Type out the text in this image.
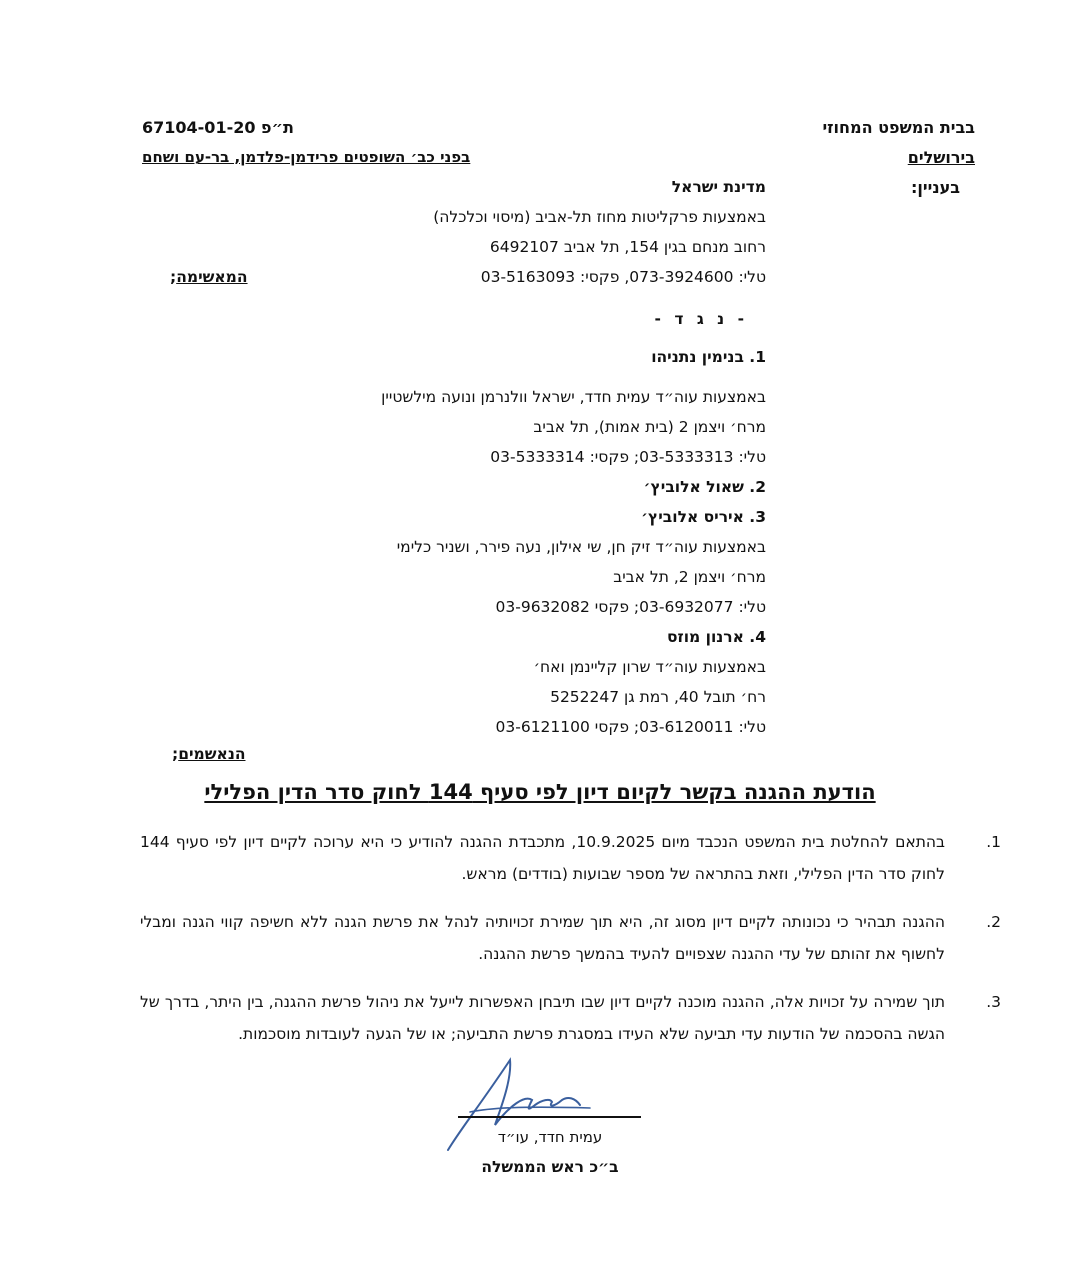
בבית המשפט המחוזי
בירושלים
בעניין:
ת״פ 67104-01-20
בפני כב׳ השופטים פרידמן-פלדמן, בר-עם ושחם
מדינת ישראל
באמצעות פרקליטות מחוז תל-אביב (מיסוי וכלכלה)
רחוב מנחם בגין 154, תל אביב 6492107
טלי: 073-3924600, פקסי: 03-5163093
המאשימה;
- נ ג ד -
1. בנימין נתניהו
באמצעות עוה״ד עמית חדד, ישראל וולנרמן ונועה מילשטיין
מרח׳ ויצמן 2 (בית אמות), תל אביב
טלי: 03-5333313; פקסי: 03-5333314
2. שאול אלוביץ׳
3. איריס אלוביץ׳
באמצעות עוה״ד זיק חן, שי אילון, נעה פירר, ושניר כלימי
מרח׳ ויצמן 2, תל אביב
טלי: 03-6932077; פקסי 03-9632082
4. ארנון מוזס
באמצעות עוה״ד שרון קליינמן ואח׳
רח׳ תובל 40, רמת גן 5252247
טלי: 03-6120011; פקסי 03-6121100
הנאשמים;
הודעת ההגנה בקשר לקיום דיון לפי סעיף 144 לחוק סדר הדין הפלילי
1.
בהתאם להחלטת בית המשפט הנכבד מיום 10.9.2025, מתכבדת ההגנה להודיע כי היא ערוכה לקיים דיון לפי סעיף 144 לחוק סדר הדין הפלילי, וזאת בהתראה של מספר שבועות (בודדים) מראש.
2.
ההגנה תבהיר כי נכונותה לקיים דיון מסוג זה, היא תוך שמירת זכויותיה לנהל את פרשת הגנה ללא חשיפה קווי הגנה ומבלי לחשוף את זהותם של עדי ההגנה שצפויים להעיד בהמשך פרשת ההגנה.
3.
תוך שמירה על זכויות אלה, ההגנה מוכנה לקיים דיון שבו תיבחן האפשרות לייעל את ניהול פרשת ההגנה, בין היתר, בדרך של הגשה בהסכמה של הודעות עדי תביעה שלא העידו במסגרת פרשת התביעה; או של הגעה לעובדות מוסכמות.
עמית חדד, עו״ד
ב״כ ראש הממשלה
